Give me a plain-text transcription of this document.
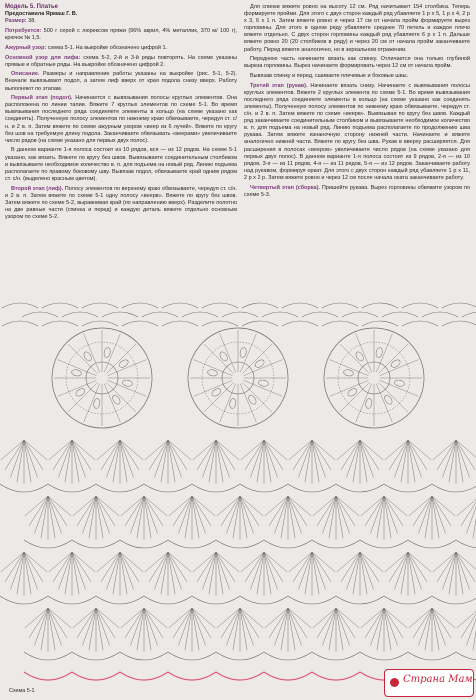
Модель 5. Платье
Предоставила Ярмаш Г. В.

Размер: 38.

Потребуется: 500 г серой с люрексом пряжи (96% акрил, 4% металлик, 370 м/ 100 г), крючок № 1,5.

Ажурный узор: схема 5-1. На выкройке обозначено цифрой 1.

Основной узор для лифа: схема 5-2, 2-й и 3-й ряды повторять. На схеме указаны прямые и обратные ряды. На выкройке обозначено цифрой 2.

Описание. Размеры и направление работы указаны на выкройке (рис. 5-1, 5-2). Вначале вывязывают подол, а затем лиф вверх от края подола снизу вверх. Работу выполняют по этапам.

Первый этап (подол). Начинается с вывязывания полосы круглых элементов. Она расположена по линии талии. Вяжете 7 круглых элементов по схеме 5-1. Во время вывязывания последнего ряда соединяете элементы в кольцо (на схеме указано как соединять). Полученную полосу элементов по нижнему краю обвязываете, чередуя ст. с/н. и 2 в. п. Затем вяжете по схеме ажурным узором «веер из 6 лучей». Вяжете по кругу без шов на требуемую длину подола. Заканчиваете обвязывать «веерами» увеличиваете число рядов (на схеме указано для первых двух полос).

В данном варианте 1-я полоса состоит из 10 рядов, вся — из 12 рядов. На схеме 5-1 указано, как вязать. Вяжете по кругу без швов. Вывязываете соединительным столбиком и вывязываете необходимое количество в. п. для подъема на новый ряд. Линию подъема располагаете по правому боковому шву. Вывязав подол, обвязываете край одним рядом ст. с/н. (выделено красным цветом).

Второй этап (лиф). Полосу элементов по верхнему краю обвязываете, чередуя ст. с/н. и 2 в. п. Затем вяжете по схеме 5-1 одну полосу «веерв». Вяжете по кругу без швов. Затем вяжете по схеме 5-2, выравнивая край (по направлению вверх). Разделите полотно на две равные части (спинка и перед) и каждую деталь вяжете отдельно основным узором по схеме 5-2.

Для спинки вяжете ровно на высоту 12 см. Ряд начитывает 154 столбика. Теперь формируете пройми. Для этого с двух сторон каждый ряд убавляете 1 р х 5, 1 р х 4, 2 р х 3, 6 х 1 п. Затем вяжете ровно и через 17 см от начала пройм формируете вырез горловины. Для этого в одном ряду убавляете среднее 70 петель и каждое плечо вяжете отдельно. С двух сторон горловины каждый ряд убавляете 6 р х 1 п. Дальше вяжете ровно 20 (20 столбиков в ряду) и через 20 см от начала пройм заканчиваете работу. Перед вяжете аналогично, но в зеркальном отражении.

Переднюю часть начинаете вязать как спинку. Отличается она только глубиной выреза горловины. Вырез начинаете формировать через 12 см от начала пройм.

Вывязав спинку и перед, сшиваете плечевые и боковые швы.

Третий этап (рукав). Начинаете вязать снизу. Начинаете с вывязывания полосы круглых элементов. Вяжете 2 круглых элемента по схеме 5-1. Во время вывязывания последнего ряда соединяете элементы в кольцо (на схеме указано как соединять элементы). Полученную полосу элементов по нижнему краю обвязываете, чередуя ст. с/н. и 2 в. п. Затем вяжете по схеме «веерв». Вывязывая по кругу без швов. Каждый ряд заканчиваете соединительным столбиком и вывязываете необходимое количество в. п. для подъема на новый ряд. Линию подъема располагаете по продолжению шва рукава. Затем вяжете изнаночную сторону нижней части. Начинаете и вяжете аналогично нижней части. Вяжете по кругу без шва. Рукав в вверху расширяется. Для расширения в полосах «вееров» увеличиваете число рядов (на схеме указано для первых двух полос). В данном варианте 1-я полоса состоит из 9 рядов, 2-я — из 10 рядов, 3-я — из 11 рядов, 4-я — из 11 рядов, 5-я — из 12 рядов. Заканчиваете работу над рукавом, формируя оркат. Для этого с двух сторон каждый ряд убавляете 1 р х 11, 2 р х 2 р. Затем вяжете ровно и через 12 см после начала оката заканчиваете работу.

Четвертый этап (сборка). Пришейте рукава. Вырез горловины обвяжите узором по схеме 5-3.

Схема 5-1
Страна Мам
